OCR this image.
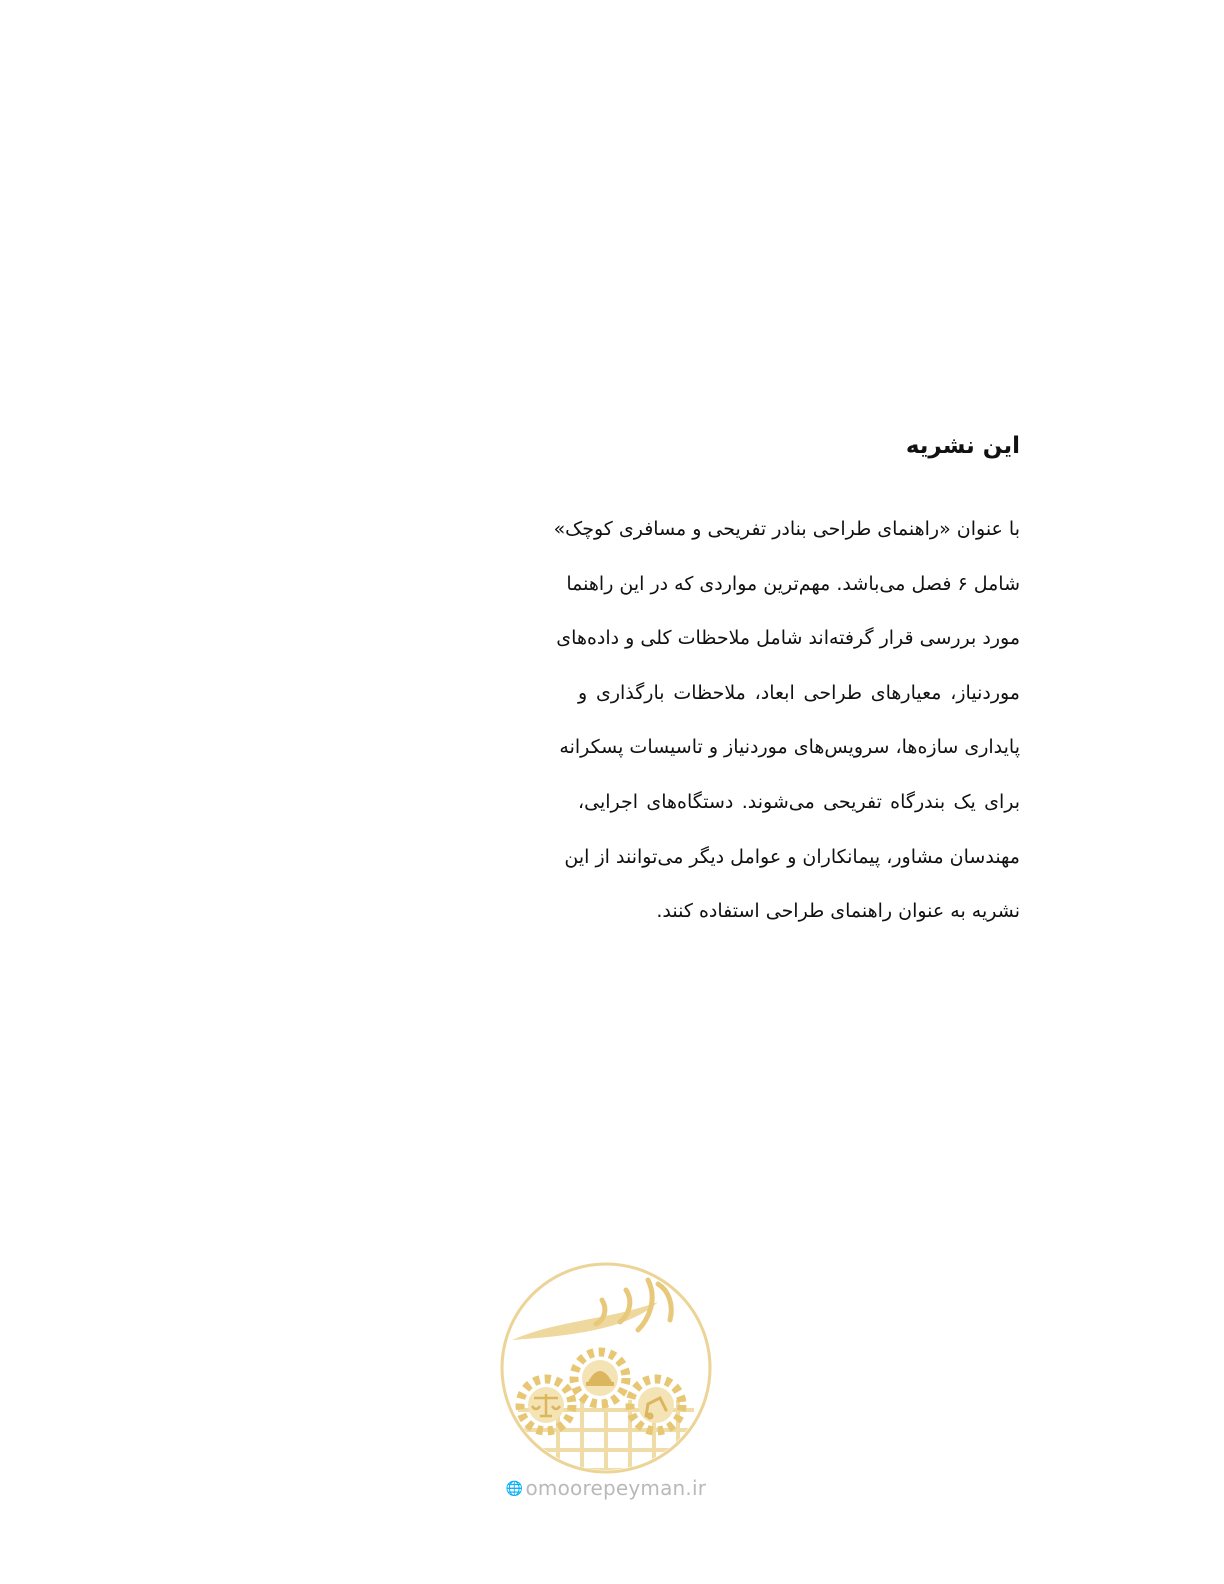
این نشریه
با عنوان «راهنمای طراحی بنادر تفریحی و مسافری کوچک»
شامل ۶ فصل می‌باشد. مهم‌ترین مواردی که در این راهنما
مورد بررسی قرار گرفته‌اند شامل ملاحظات کلی و داده‌های
موردنیاز، معیارهای طراحی ابعاد، ملاحظات بارگذاری و
پایداری سازه‌ها، سرویس‌های موردنیاز و تاسیسات پسکرانه
برای یک بندرگاه تفریحی می‌شوند. دستگاه‌های اجرایی،
مهندسان مشاور، پیمانکاران و عوامل دیگر می‌توانند از این
نشریه به عنوان راهنمای طراحی استفاده کنند.
🌐 omoorepeyman.ir
